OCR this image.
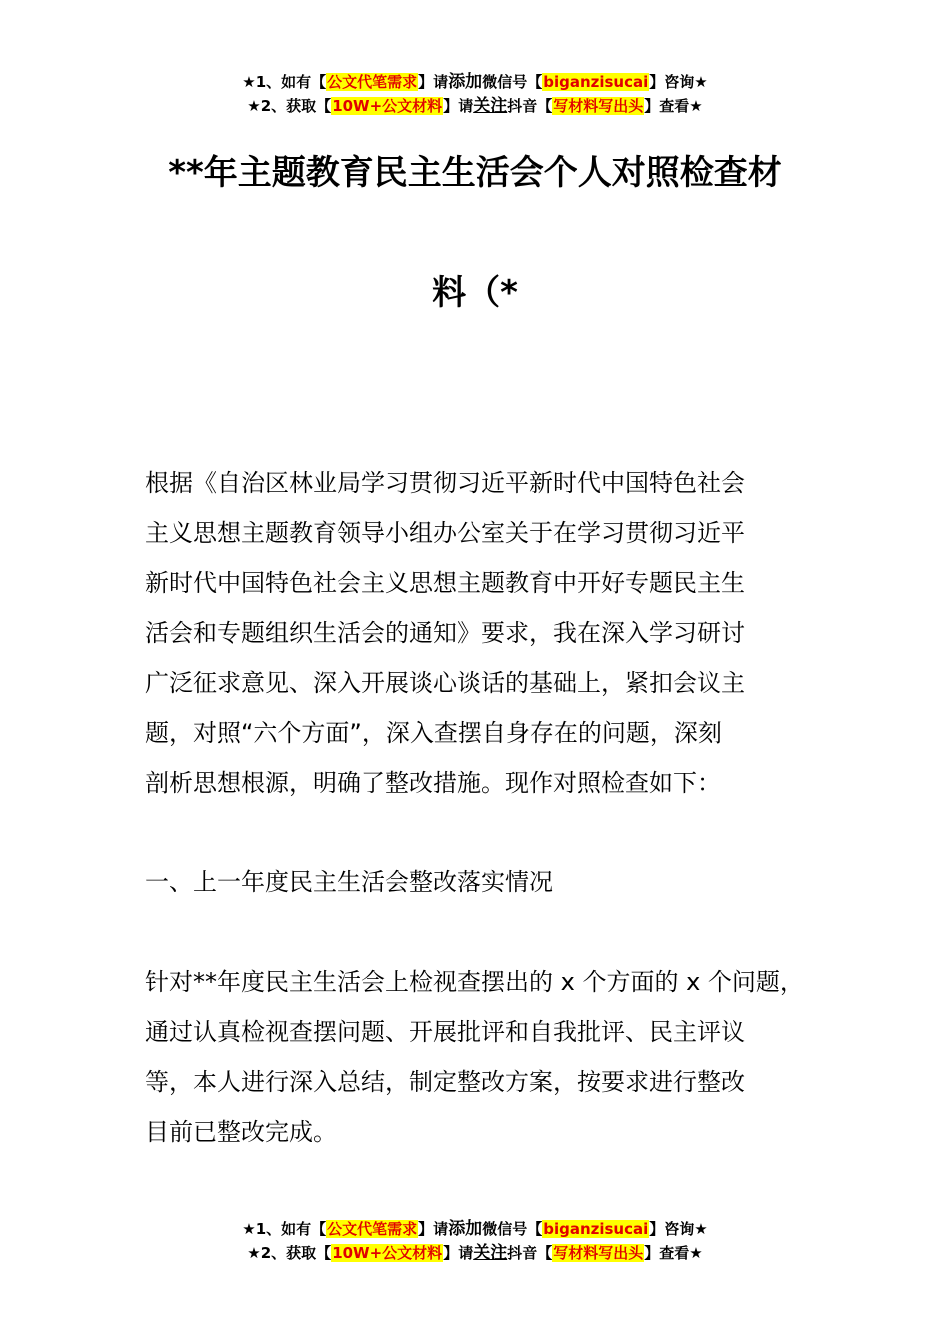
★1、如有【公文代笔需求】请添加微信号【biganzisucai】咨询★
★2、获取【10W+公文材料】请关注抖音【写材料写出头】查看★
**年主题教育民主生活会个人对照检查材
料（*
根据《自治区林业局学习贯彻习近平新时代中国特色社会
主义思想主题教育领导小组办公室关于在学习贯彻习近平
新时代中国特色社会主义思想主题教育中开好专题民主生
活会和专题组织生活会的通知》要求，我在深入学习研讨
广泛征求意见、深入开展谈心谈话的基础上，紧扣会议主
题，对照“六个方面”，深入查摆自身存在的问题，深刻
剖析思想根源，明确了整改措施。现作对照检查如下：
一、上一年度民主生活会整改落实情况
针对**年度民主生活会上检视查摆出的 x 个方面的 x 个问题，
通过认真检视查摆问题、开展批评和自我批评、民主评议
等，本人进行深入总结，制定整改方案，按要求进行整改
目前已整改完成。
★1、如有【公文代笔需求】请添加微信号【biganzisucai】咨询★
★2、获取【10W+公文材料】请关注抖音【写材料写出头】查看★
